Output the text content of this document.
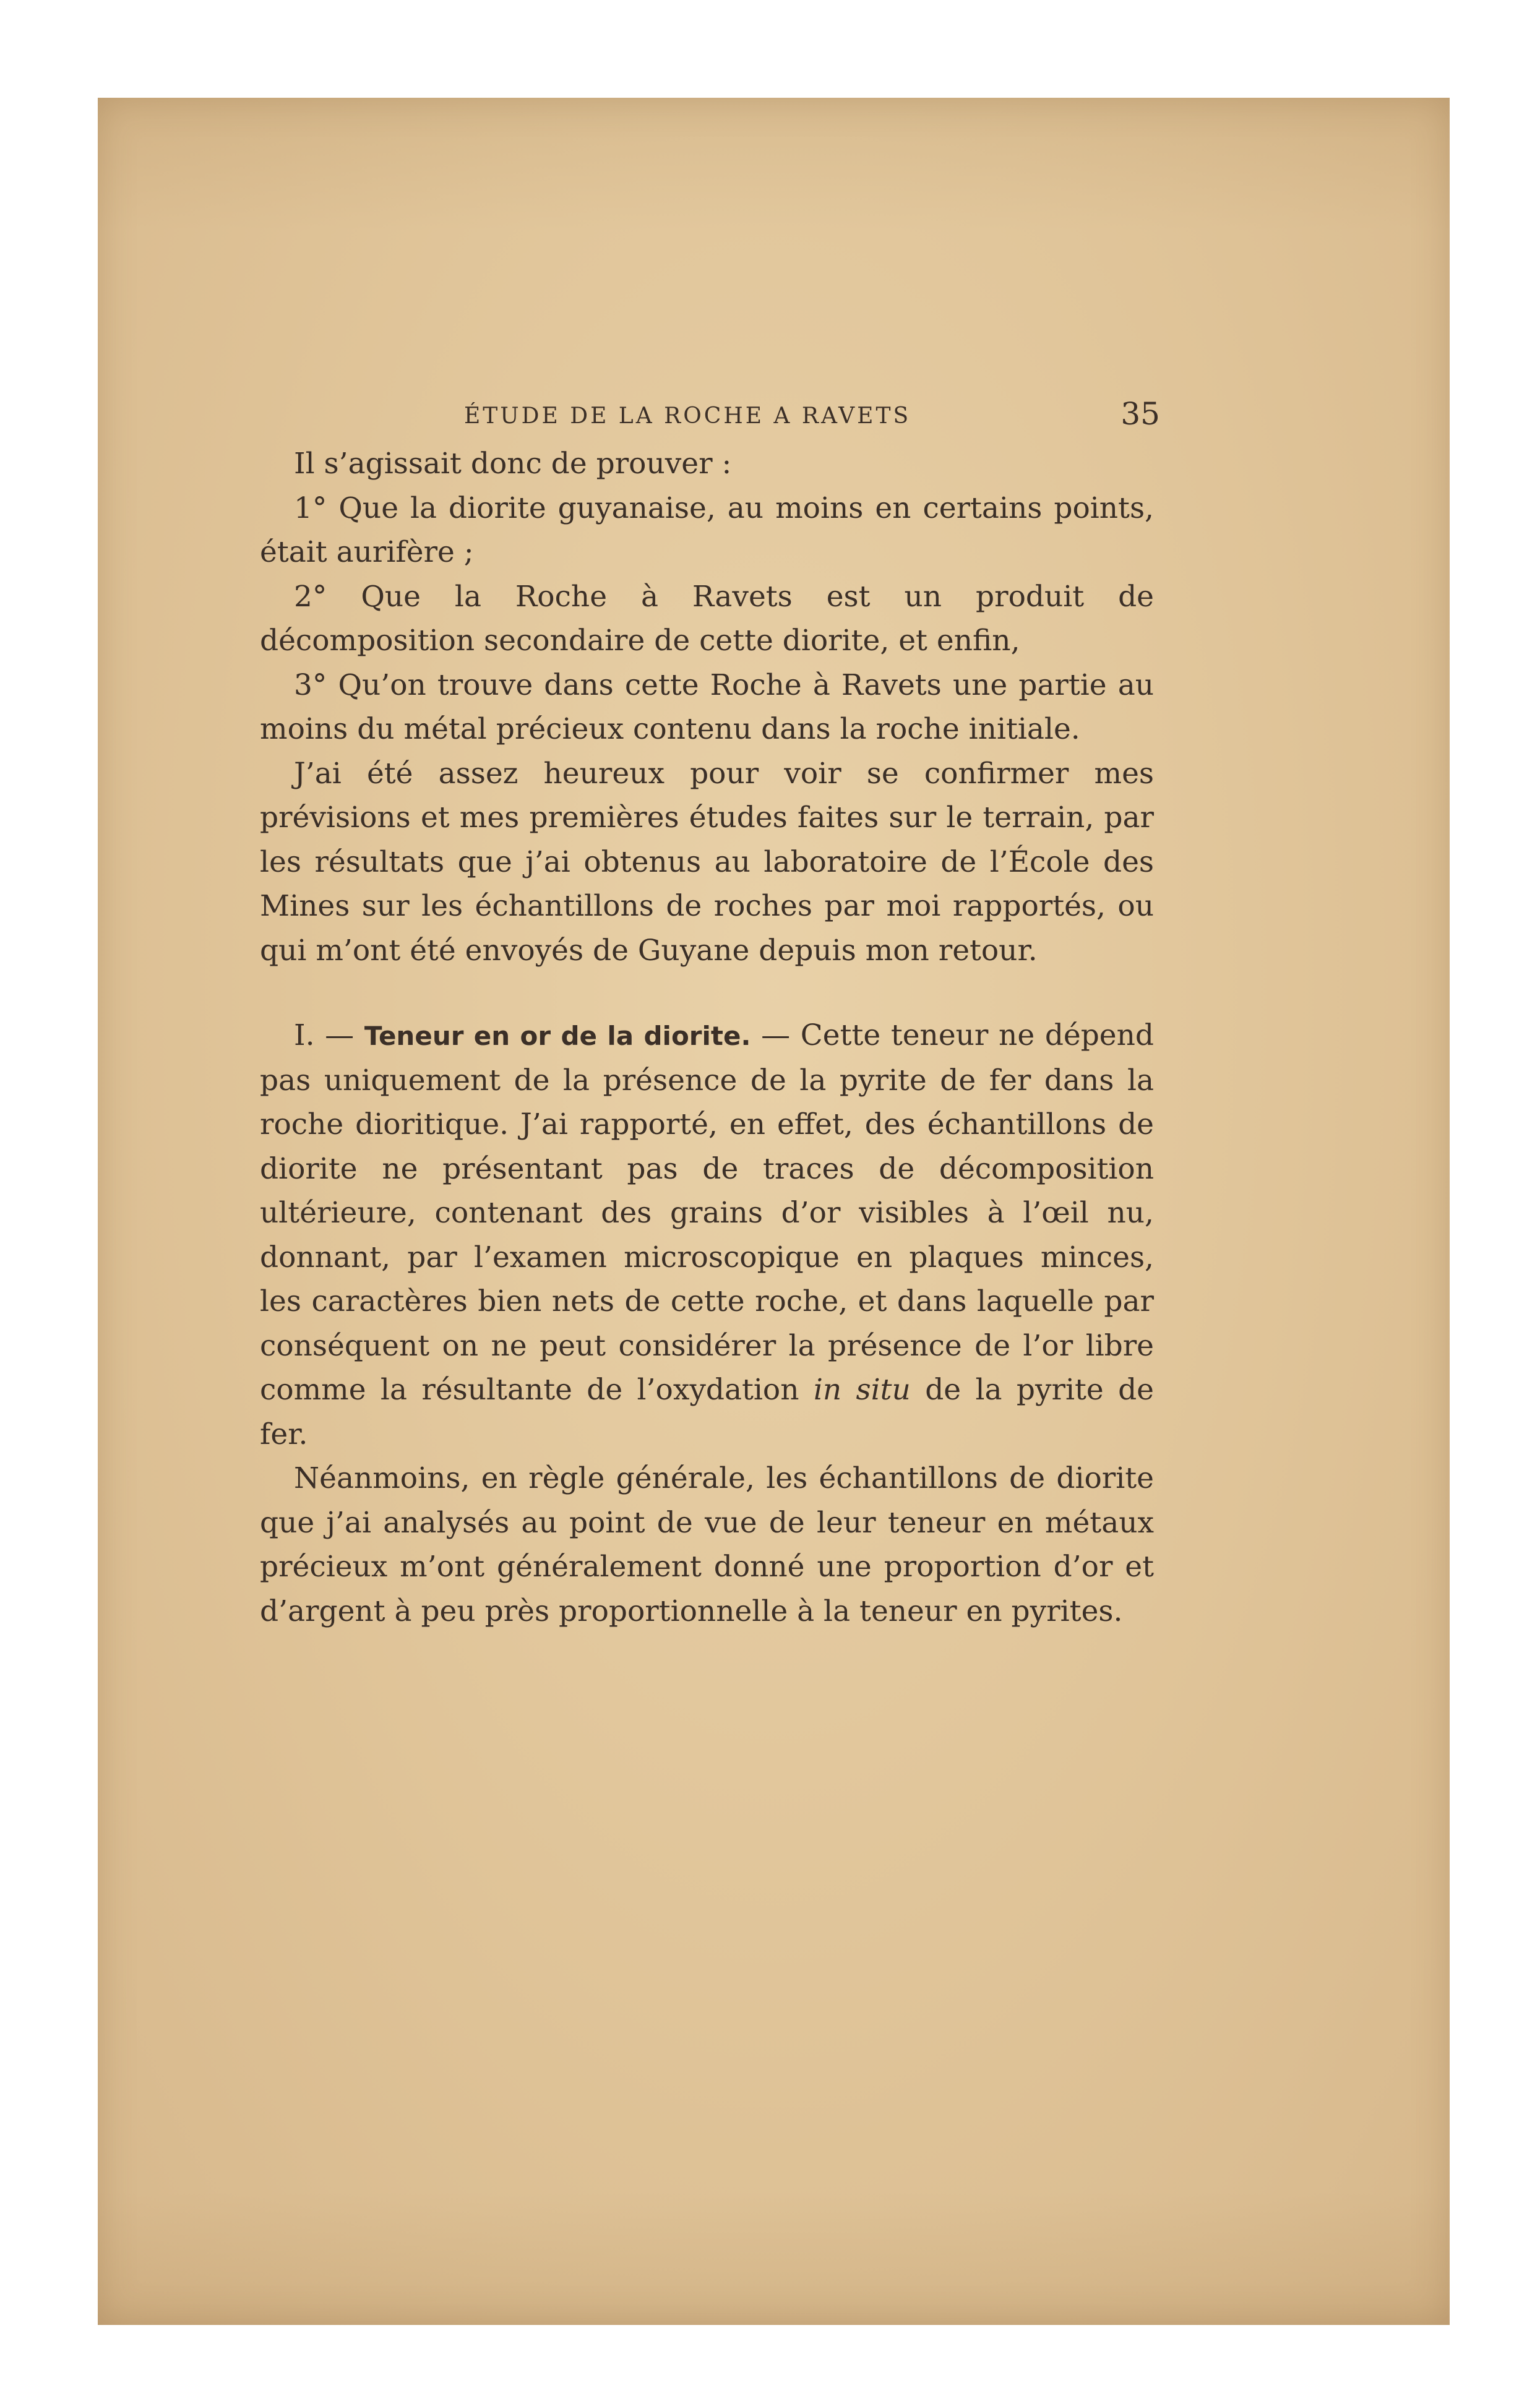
ÉTUDE DE LA ROCHE A RAVETS	35

Il s’agissait donc de prouver :

1° Que la diorite guyanaise, au moins en certains points, était aurifère ;

2° Que la Roche à Ravets est un produit de décomposition secondaire de cette diorite, et enfin,

3° Qu’on trouve dans cette Roche à Ravets une partie au moins du métal précieux contenu dans la roche initiale.

J’ai été assez heureux pour voir se confirmer mes prévisions et mes premières études faites sur le terrain, par les résultats que j’ai obtenus au laboratoire de l’École des Mines sur les échantillons de roches par moi rapportés, ou qui m’ont été envoyés de Guyane depuis mon retour.

I. — Teneur en or de la diorite. — Cette teneur ne dépend pas uniquement de la présence de la pyrite de fer dans la roche dioritique. J’ai rapporté, en effet, des échantillons de diorite ne présentant pas de traces de décomposition ultérieure, contenant des grains d’or visibles à l’œil nu, donnant, par l’examen microscopique en plaques minces, les caractères bien nets de cette roche, et dans laquelle par conséquent on ne peut considérer la présence de l’or libre comme la résultante de l’oxydation in situ de la pyrite de fer.

Néanmoins, en règle générale, les échantillons de diorite que j’ai analysés au point de vue de leur teneur en métaux précieux m’ont généralement donné une proportion d’or et d’argent à peu près proportionnelle à la teneur en pyrites.
